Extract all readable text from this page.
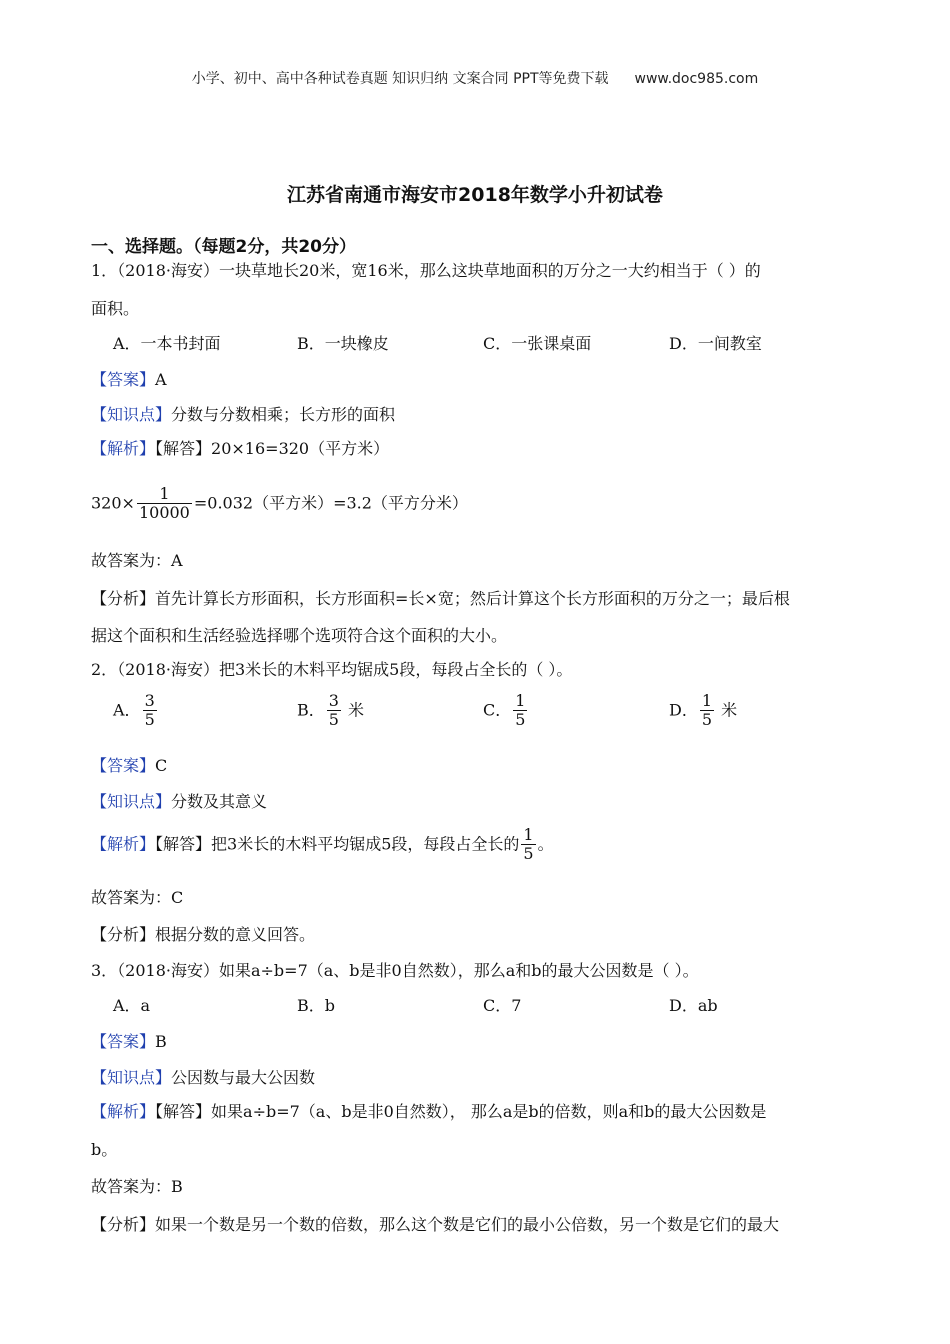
小学、初中、高中各种试卷真题 知识归纳 文案合同 PPT等免费下载 www.doc985.com
江苏省南通市海安市2018年数学小升初试卷
一、选择题。（每题2分，共20分）
1．（2018·海安）一块草地长20米，宽16米，那么这块草地面积的万分之一大约相当于（ ）的
面积。
A．一本书封面	B．一块橡皮	C．一张课桌面	D．一间教室
【答案】A
【知识点】分数与分数相乘；长方形的面积
【解析】【解答】20×16=320（平方米）
$320\times \frac{1}{10000} =0.032$（平方米）=3.2（平方分米）
故答案为：A
【分析】首先计算长方形面积，长方形面积=长×宽；然后计算这个长方形面积的万分之一；最后根
据这个面积和生活经验选择哪个选项符合这个面积的大小。
2．（2018·海安）把3米长的木料平均锯成5段，每段占全长的（ ）。
A． $\frac{3}{5}$	B． $\frac{3}{5}$ 米	C． $\frac{1}{5}$	D． $\frac{1}{5}$ 米
【答案】C
【知识点】分数及其意义
【解析】【解答】把3米长的木料平均锯成5段，每段占全长的 $\frac{1}{5}$ 。
故答案为：C
【分析】根据分数的意义回答。
3．（2018·海安）如果a÷b=7（a、b是非0自然数），那么a和b的最大公因数是（ ）。
A．a	B．b	C．7	D．ab
【答案】B
【知识点】公因数与最大公因数
【解析】【解答】如果a÷b=7（a、b是非0自然数）， 那么a是b的倍数，则a和b的最大公因数是
b。
故答案为：B
【分析】如果一个数是另一个数的倍数，那么这个数是它们的最小公倍数，另一个数是它们的最大
